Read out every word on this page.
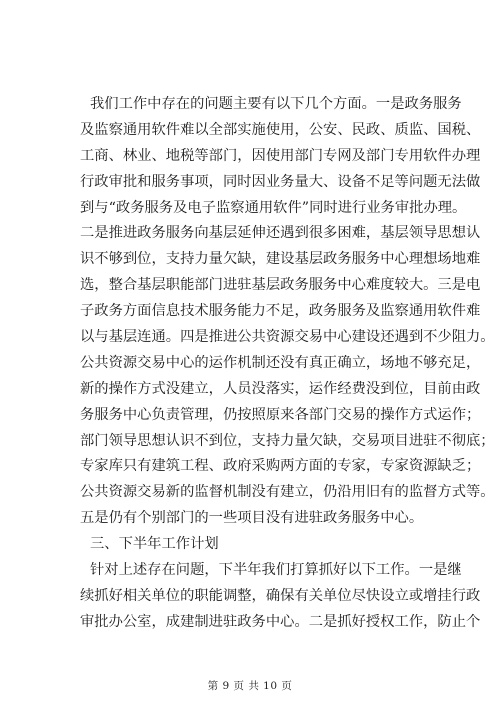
我们工作中存在的问题主要有以下几个方面。一是政务服务
及监察通用软件难以全部实施使用，公安、民政、质监、国税、
工商、林业、地税等部门，因使用部门专网及部门专用软件办理
行政审批和服务事项，同时因业务量大、设备不足等问题无法做
到与“政务服务及电子监察通用软件”同时进行业务审批办理。
二是推进政务服务向基层延伸还遇到很多困难，基层领导思想认
识不够到位，支持力量欠缺，建设基层政务服务中心理想场地难
选，整合基层职能部门进驻基层政务服务中心难度较大。三是电
子政务方面信息技术服务能力不足，政务服务及监察通用软件难
以与基层连通。四是推进公共资源交易中心建设还遇到不少阻力。
公共资源交易中心的运作机制还没有真正确立，场地不够充足，
新的操作方式没建立，人员没落实，运作经费没到位，目前由政
务服务中心负责管理，仍按照原来各部门交易的操作方式运作；
部门领导思想认识不到位，支持力量欠缺，交易项目进驻不彻底；
专家库只有建筑工程、政府采购两方面的专家，专家资源缺乏；
公共资源交易新的监督机制没有建立，仍沿用旧有的监督方式等。
五是仍有个别部门的一些项目没有进驻政务服务中心。
三、下半年工作计划
针对上述存在问题，下半年我们打算抓好以下工作。一是继
续抓好相关单位的职能调整，确保有关单位尽快设立或增挂行政
审批办公室，成建制进驻政务中心。二是抓好授权工作，防止个
第 9 页 共 10 页
